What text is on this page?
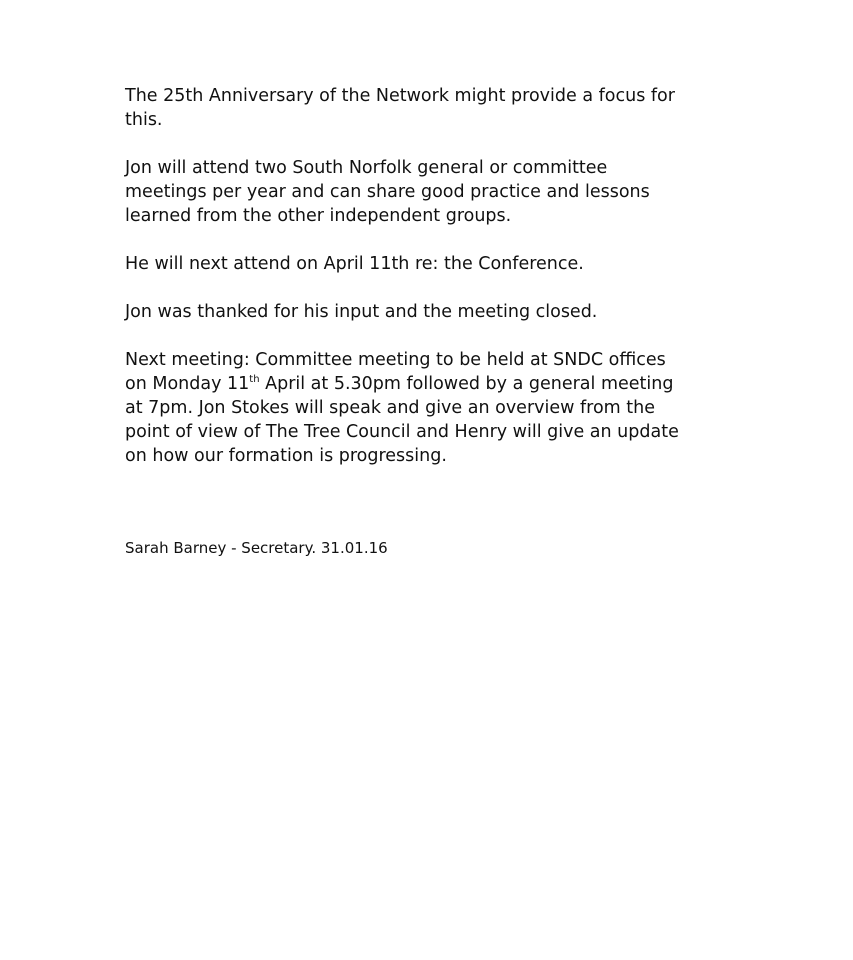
The 25th Anniversary of the Network might provide a focus for
this.

Jon will attend two South Norfolk general or committee
meetings per year and can share good practice and lessons
learned from the other independent groups.

He will next attend on April 11th re: the Conference.

Jon was thanked for his input and the meeting closed.

Next meeting: Committee meeting to be held at SNDC offices
on Monday 11th April at 5.30pm followed by a general meeting
at 7pm. Jon Stokes will speak and give an overview from the
point of view of The Tree Council and Henry will give an update
on how our formation is progressing.

Sarah Barney - Secretary. 31.01.16
